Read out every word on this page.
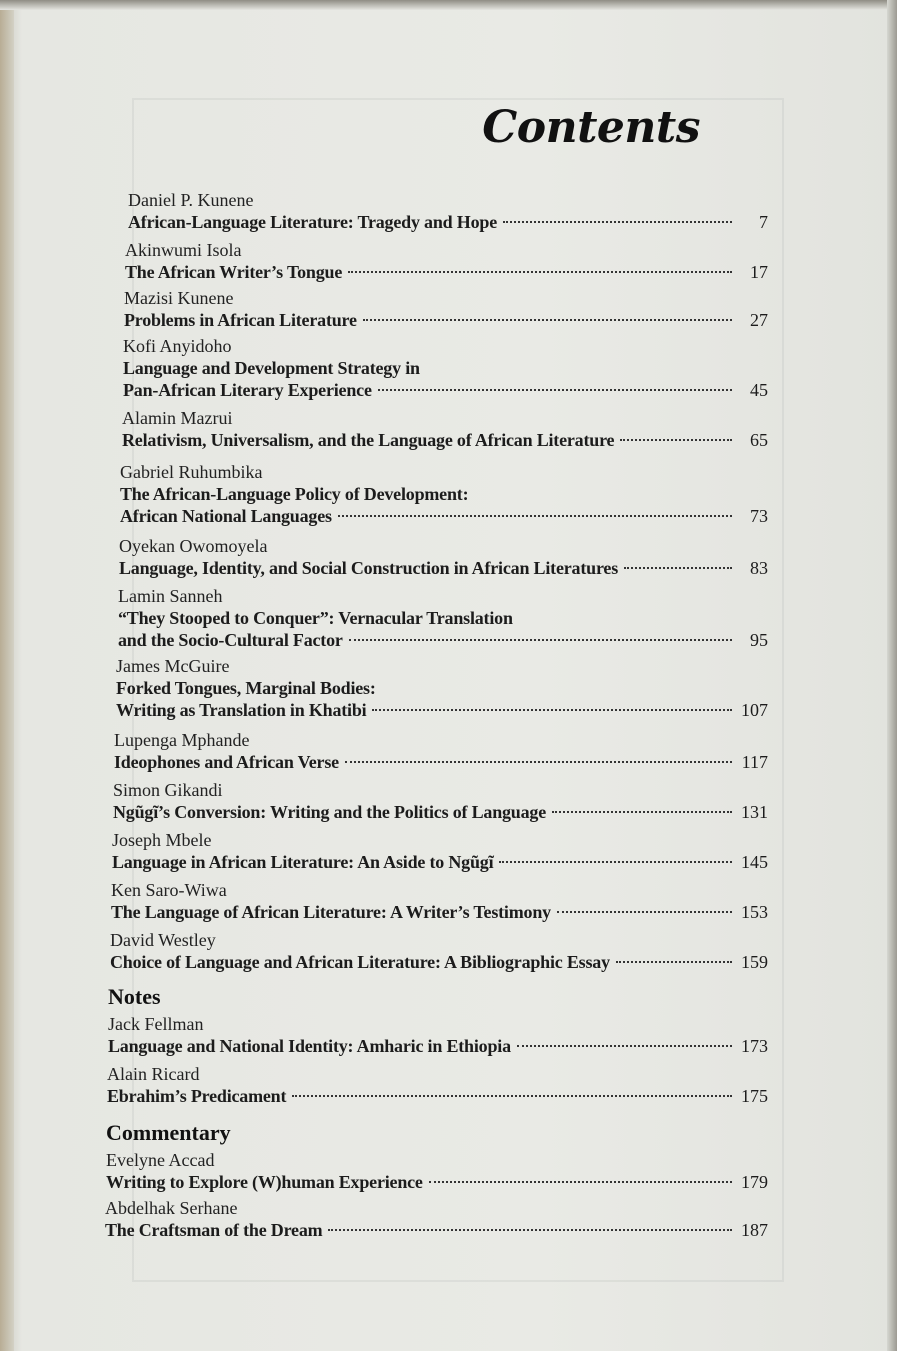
Contents
Daniel P. Kunene
African-Language Literature: Tragedy and Hope	7
Akinwumi Isola
The African Writer’s Tongue	17
Mazisi Kunene
Problems in African Literature	27
Kofi Anyidoho
Language and Development Strategy in
Pan-African Literary Experience	45
Alamin Mazrui
Relativism, Universalism, and the Language of African Literature	65
Gabriel Ruhumbika
The African-Language Policy of Development:
African National Languages	73
Oyekan Owomoyela
Language, Identity, and Social Construction in African Literatures	83
Lamin Sanneh
“They Stooped to Conquer”: Vernacular Translation
and the Socio-Cultural Factor	95
James McGuire
Forked Tongues, Marginal Bodies:
Writing as Translation in Khatibi	107
Lupenga Mphande
Ideophones and African Verse	117
Simon Gikandi
Ngũgĩ’s Conversion: Writing and the Politics of Language	131
Joseph Mbele
Language in African Literature: An Aside to Ngũgĩ	145
Ken Saro-Wiwa
The Language of African Literature: A Writer’s Testimony	153
David Westley
Choice of Language and African Literature: A Bibliographic Essay	159
Notes
Jack Fellman
Language and National Identity: Amharic in Ethiopia	173
Alain Ricard
Ebrahim’s Predicament	175
Commentary
Evelyne Accad
Writing to Explore (W)human Experience	179
Abdelhak Serhane
The Craftsman of the Dream	187
